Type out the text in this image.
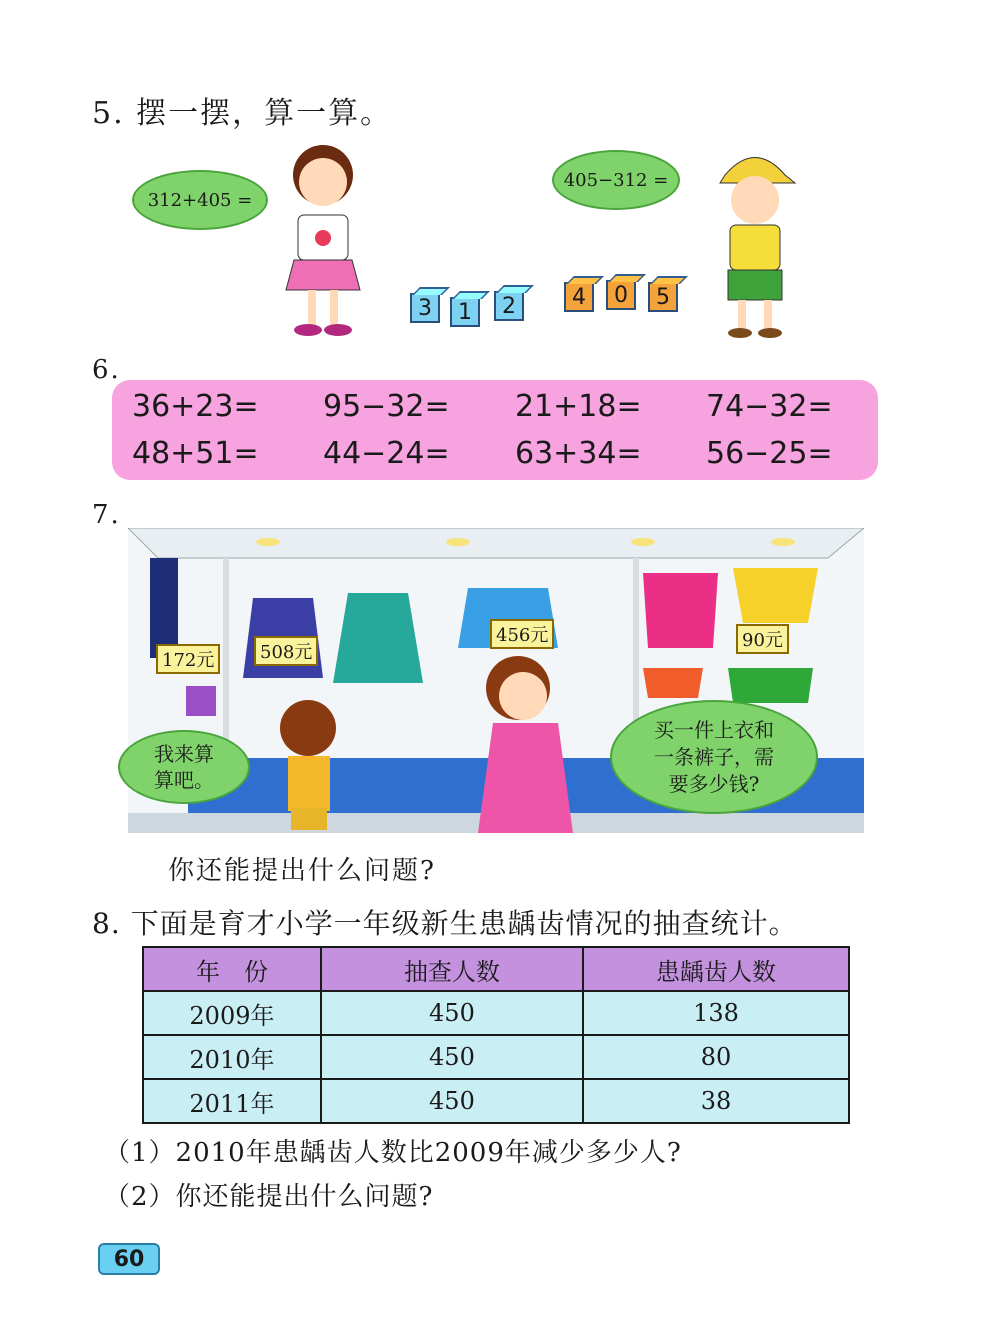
5. 摆一摆，算一算。
312+405 =
405−312 =
3	1	2	4	0	5
6.
36+23= 95−32= 21+18= 74−32=
48+51= 44−24= 63+34= 56−25=
7.
172元	508元
456元	90元
我来算
算吧。
买一件上衣和
一条裤子，需
要多少钱?
你还能提出什么问题?
8. 下面是育才小学一年级新生患龋齿情况的抽查统计。
年　份	抽查人数	患龋齿人数
2009年	450	138
2010年	450	80
2011年	450	38
（1）2010年患龋齿人数比2009年减少多少人?
（2）你还能提出什么问题?
60
